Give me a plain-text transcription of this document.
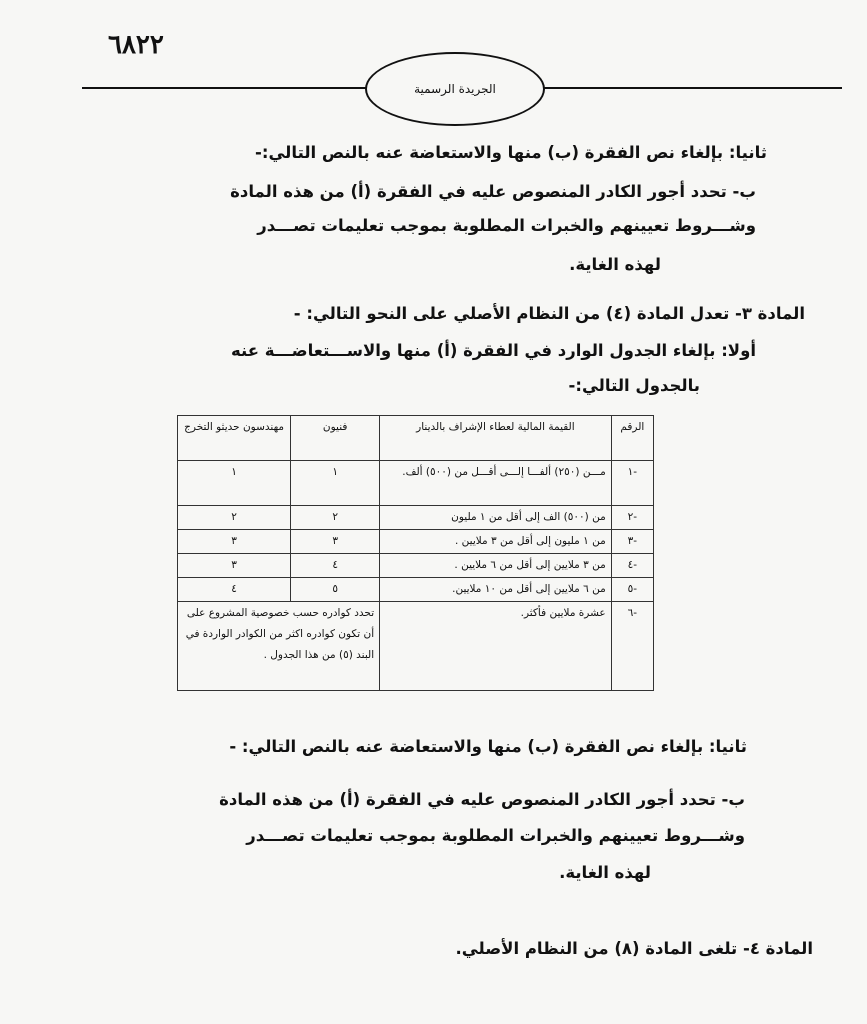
٦٨٢٢
الجريدة الرسمية
ثانيا: بإلغاء نص الفقرة (ب) منها والاستعاضة عنه بالنص التالي:-
ب- تحدد أجور الكادر المنصوص عليه في الفقرة (أ) من هذه المادة
وشـــروط تعيينهم والخبرات المطلوبة بموجب تعليمات تصـــدر
لهذه الغاية.
المادة ٣- تعدل المادة (٤) من النظام الأصلي على النحو التالي: -
أولا: بإلغاء الجدول الوارد في الفقرة (أ) منها والاســـتعاضـــة عنه
بالجدول التالي:-
الرقم	القيمة المالية لعطاء الإشراف بالدينار	فنيون	مهندسون حديثو التخرج
-١	مـــن (٢٥٠) ألفـــا إلـــى أقـــل من (٥٠٠) ألف.	١	١
-٢	من (٥٠٠) الف إلى أقل من ١ مليون	٢	٢
-٣	من ١ مليون إلى أقل من ٣ ملايين .	٣	٣
-٤	من ٣ ملايين إلى أقل من ٦ ملايين .	٤	٣
-٥	من ٦ ملايين إلى أقل من ١٠ ملايين.	٥	٤
-٦	عشرة ملايين فأكثر.	تحدد كوادره حسب خصوصية المشروع على أن تكون كوادره اكثر من الكوادر الواردة في البند (٥) من هذا الجدول .	
ثانيا: بإلغاء نص الفقرة (ب) منها والاستعاضة عنه بالنص التالي: -
ب- تحدد أجور الكادر المنصوص عليه في الفقرة (أ) من هذه المادة
وشـــروط تعيينهم والخبرات المطلوبة بموجب تعليمات تصـــدر
لهذه الغاية.
المادة ٤- تلغى المادة (٨) من النظام الأصلي.
